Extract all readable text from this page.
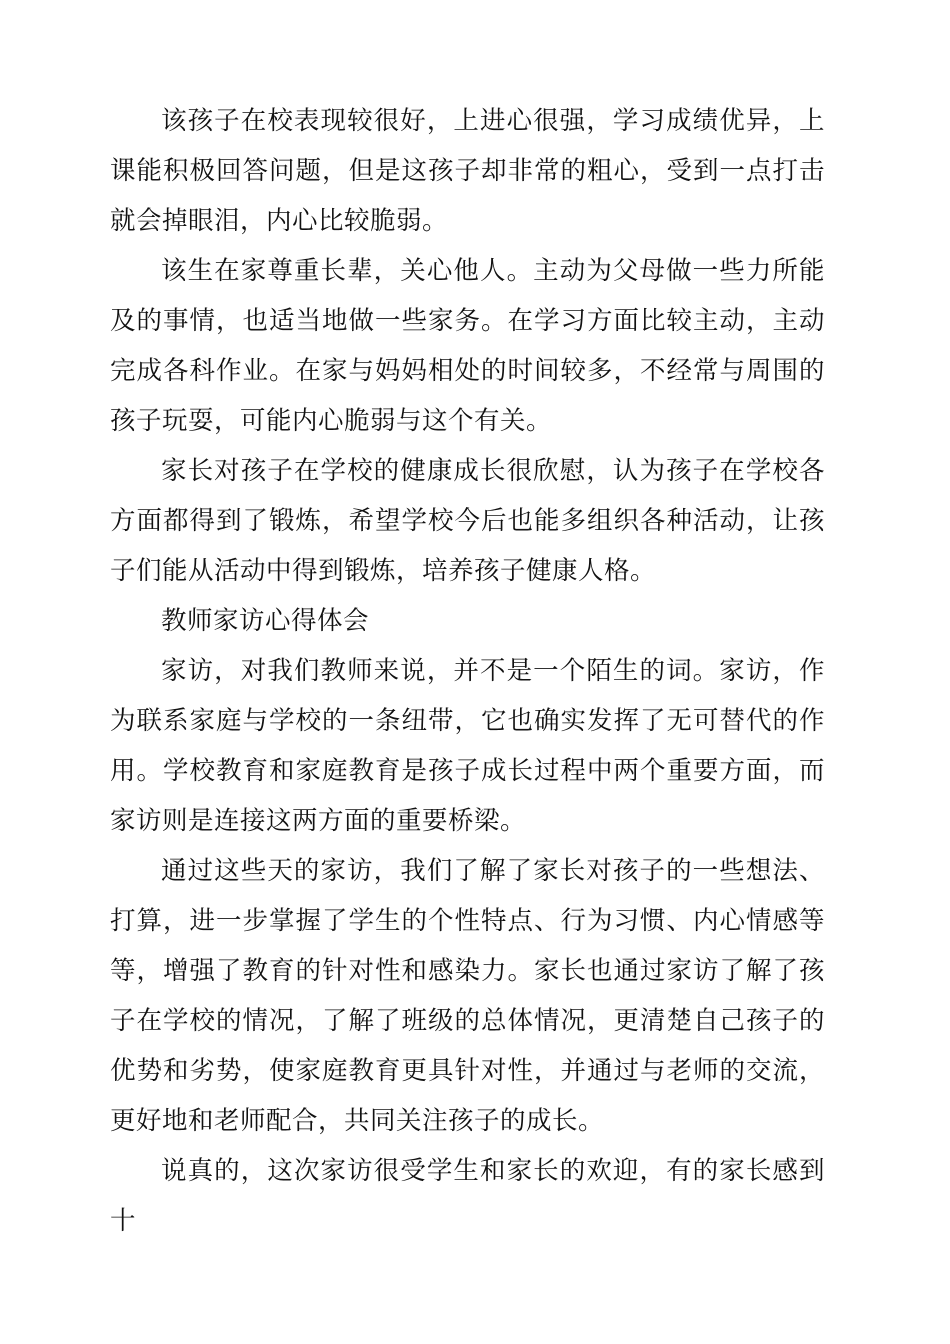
该孩子在校表现较很好，上进心很强，学习成绩优异，上课能积极回答问题，但是这孩子却非常的粗心，受到一点打击就会掉眼泪，内心比较脆弱。

该生在家尊重长辈，关心他人。主动为父母做一些力所能及的事情，也适当地做一些家务。在学习方面比较主动，主动完成各科作业。在家与妈妈相处的时间较多，不经常与周围的孩子玩耍，可能内心脆弱与这个有关。

家长对孩子在学校的健康成长很欣慰，认为孩子在学校各方面都得到了锻炼，希望学校今后也能多组织各种活动，让孩子们能从活动中得到锻炼，培养孩子健康人格。

教师家访心得体会

家访，对我们教师来说，并不是一个陌生的词。家访，作为联系家庭与学校的一条纽带，它也确实发挥了无可替代的作用。学校教育和家庭教育是孩子成长过程中两个重要方面，而家访则是连接这两方面的重要桥梁。

通过这些天的家访，我们了解了家长对孩子的一些想法、打算，进一步掌握了学生的个性特点、行为习惯、内心情感等等，增强了教育的针对性和感染力。家长也通过家访了解了孩子在学校的情况，了解了班级的总体情况，更清楚自己孩子的优势和劣势，使家庭教育更具针对性，并通过与老师的交流，更好地和老师配合，共同关注孩子的成长。

说真的，这次家访很受学生和家长的欢迎，有的家长感到十
